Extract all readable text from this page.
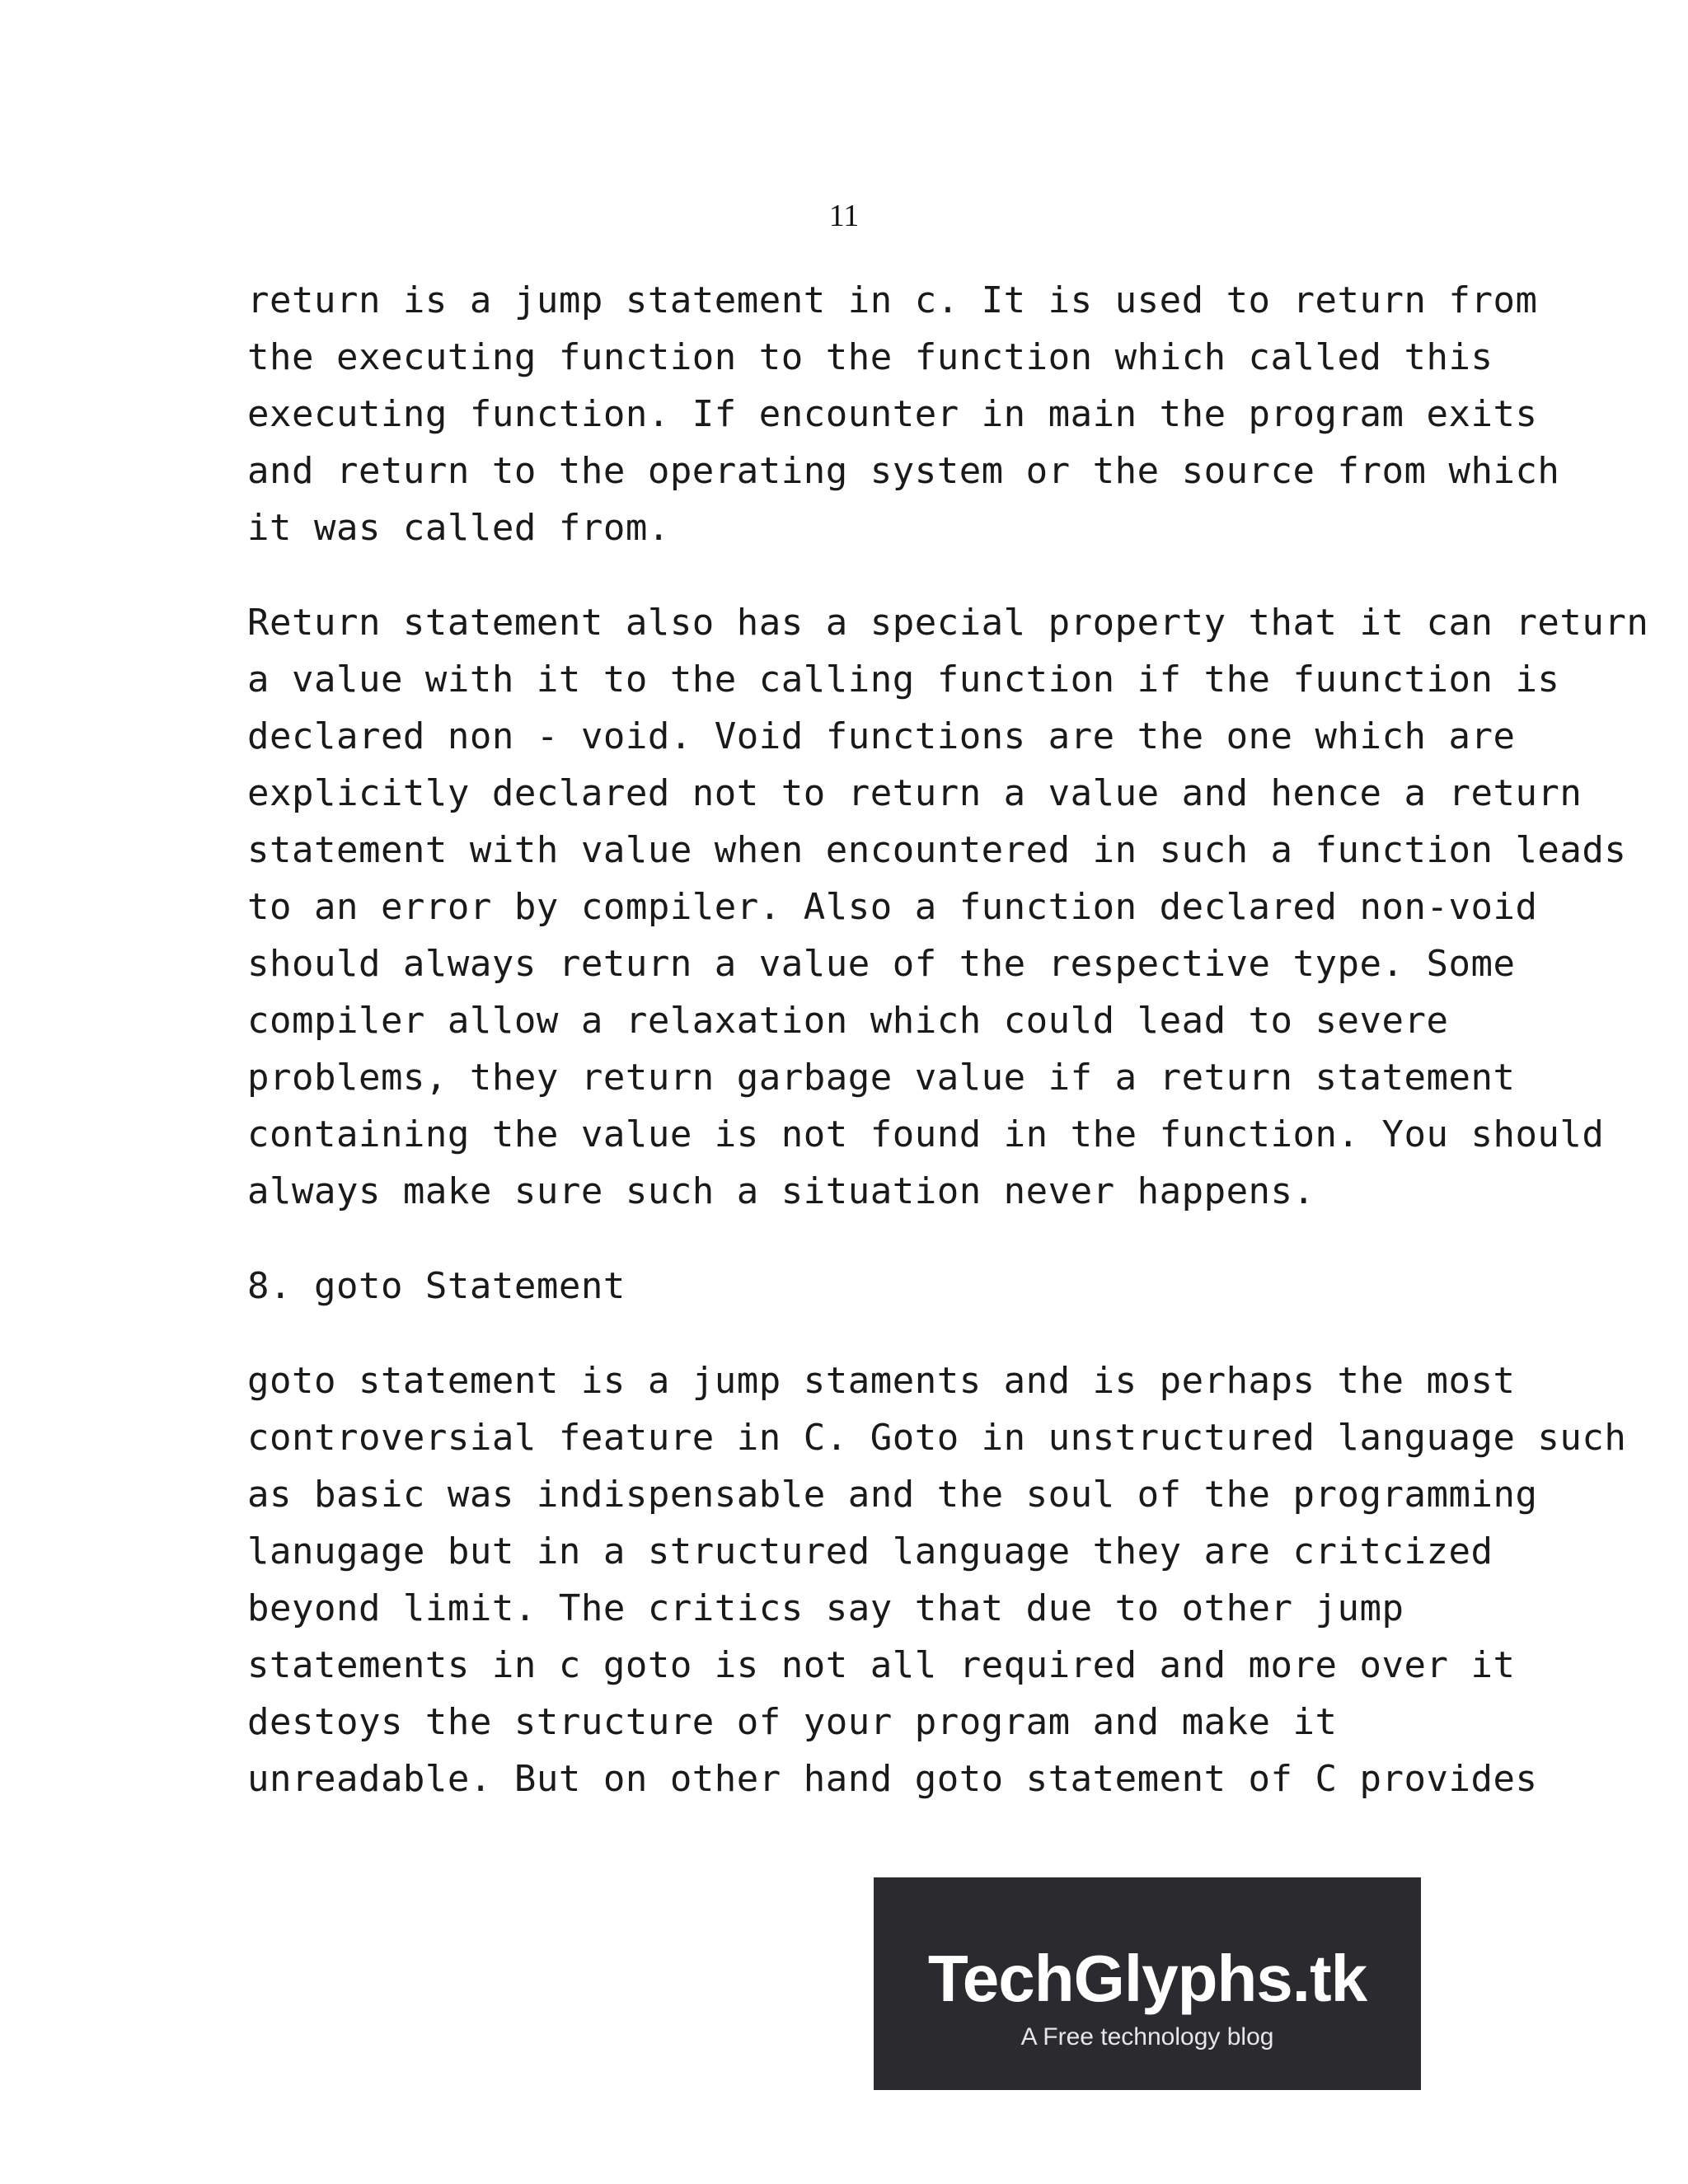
11
return is a jump statement in c. It is used to return from
the executing function to the function which called this
executing function. If encounter in main the program exits
and return to the operating system or the source from which
it was called from.
Return statement also has a special property that it can return
a value with it to the calling function if the fuunction is
declared non - void. Void functions are the one which are
explicitly declared not to return a value and hence a return
statement with value when encountered in such a function leads
to an error by compiler. Also a function declared non-void
should always return a value of the respective type. Some
compiler allow a relaxation which could lead to severe
problems, they return garbage value if a return statement
containing the value is not found in the function. You should
always make sure such a situation never happens.
8. goto Statement
goto statement is a jump staments and is perhaps the most
controversial feature in C. Goto in unstructured language such
as basic was indispensable and the soul of the programming
lanugage but in a structured language they are critcized
beyond limit. The critics say that due to other jump
statements in c goto is not all required and more over it
destoys the structure of your program and make it
unreadable. But on other hand goto statement of C provides
TechGlyphs.tk
A Free technology blog
